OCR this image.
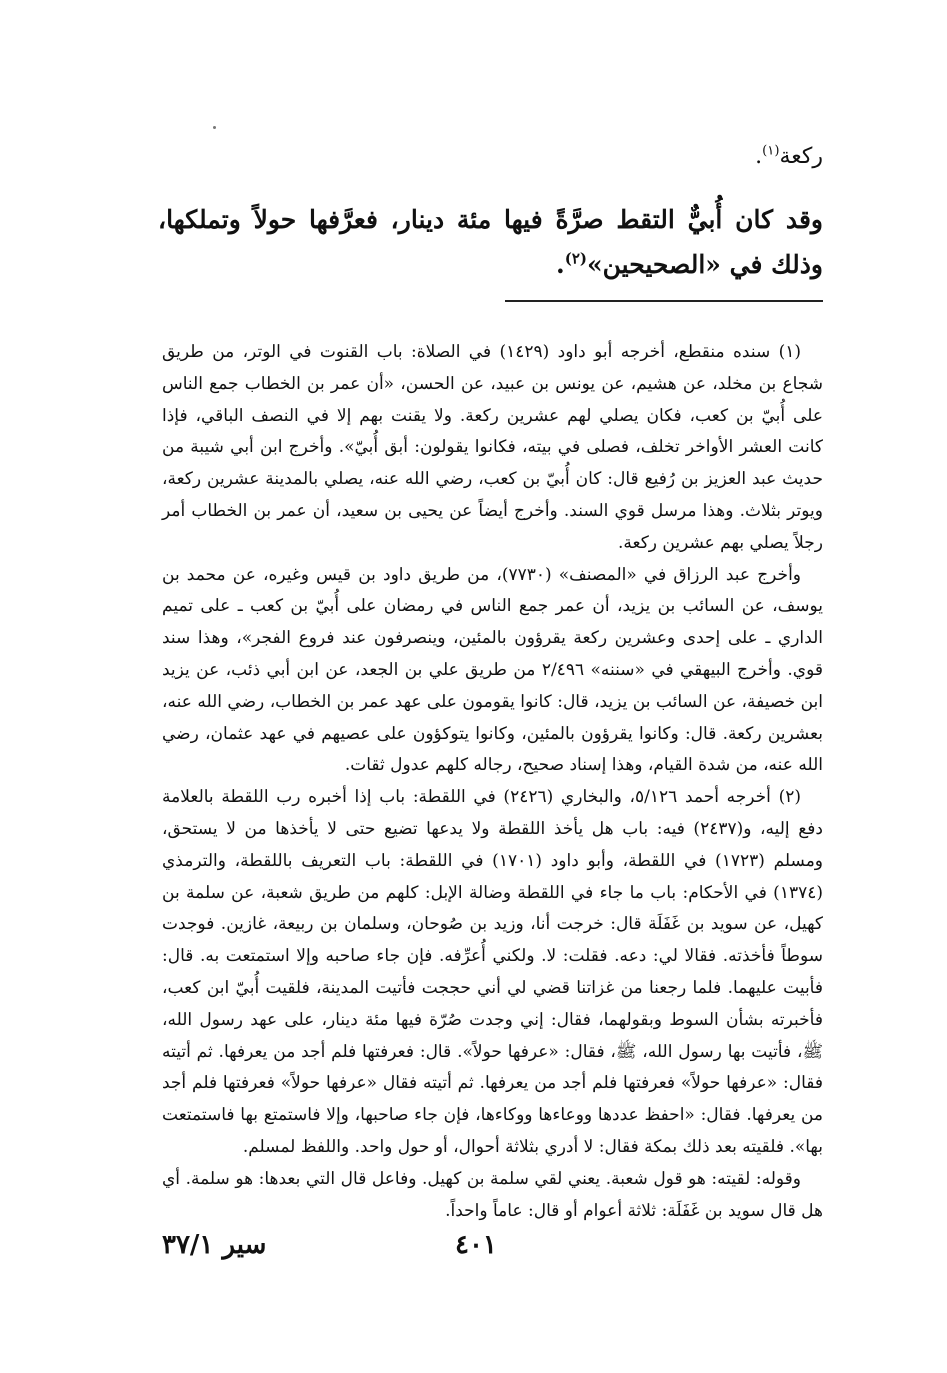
ركعة$^{(١)}$.

وقد كان أُبيٌّ التقط صرَّةً فيها مئة دينار، فعرَّفها حولاً وتملكها، وذلك في «الصحيحين»$^{(٢)}$.

(١) سنده منقطع، أخرجه أبو داود (١٤٢٩) في الصلاة: باب القنوت في الوتر، من طريق شجاع بن مخلد، عن هشيم، عن يونس بن عبيد، عن الحسن، «أن عمر بن الخطاب جمع الناس على أُبيّ بن كعب، فكان يصلي لهم عشرين ركعة. ولا يقنت بهم إلا في النصف الباقي، فإذا كانت العشر الأواخر تخلف، فصلى في بيته، فكانوا يقولون: أبق أُبيّ». وأخرج ابن أبي شيبة من حديث عبد العزيز بن رُفيع قال: كان أُبيّ بن كعب، رضي الله عنه، يصلي بالمدينة عشرين ركعة، ويوتر بثلاث. وهذا مرسل قوي السند. وأخرج أيضاً عن يحيى بن سعيد، أن عمر بن الخطاب أمر رجلاً يصلي بهم عشرين ركعة.

وأخرج عبد الرزاق في «المصنف» (٧٧٣٠)، من طريق داود بن قيس وغيره، عن محمد بن يوسف، عن السائب بن يزيد، أن عمر جمع الناس في رمضان على أُبيّ بن كعب ـ على تميم الداري ـ على إحدى وعشرين ركعة يقرؤون بالمئين، وينصرفون عند فروع الفجر»، وهذا سند قوي. وأخرج البيهقي في «سننه» ٢/٤٩٦ من طريق علي بن الجعد، عن ابن أبي ذئب، عن يزيد ابن خصيفة، عن السائب بن يزيد، قال: كانوا يقومون على عهد عمر بن الخطاب، رضي الله عنه، بعشرين ركعة. قال: وكانوا يقرؤون بالمئين، وكانوا يتوكؤون على عصيهم في عهد عثمان، رضي الله عنه، من شدة القيام، وهذا إسناد صحيح، رجاله كلهم عدول ثقات.

(٢) أخرجه أحمد ٥/١٢٦، والبخاري (٢٤٢٦) في اللقطة: باب إذا أخبره رب اللقطة بالعلامة دفع إليه، و(٢٤٣٧) فيه: باب هل يأخذ اللقطة ولا يدعها تضيع حتى لا يأخذها من لا يستحق، ومسلم (١٧٢٣) في اللقطة، وأبو داود (١٧٠١) في اللقطة: باب التعريف باللقطة، والترمذي (١٣٧٤) في الأحكام: باب ما جاء في اللقطة وضالة الإبل: كلهم من طريق شعبة، عن سلمة بن كهيل، عن سويد بن غَفَلَة قال: خرجت أنا، وزيد بن صُوحان، وسلمان بن ربيعة، غازين. فوجدت سوطاً فأخذته. فقالا لي: دعه. فقلت: لا. ولكني أُعرِّفه. فإن جاء صاحبه وإلا استمتعت به. قال: فأبيت عليهما. فلما رجعنا من غزاتنا قضي لي أني حججت فأتيت المدينة، فلقيت أُبيّ ابن كعب، فأخبرته بشأن السوط وبقولهما، فقال: إني وجدت صُرّة فيها مئة دينار، على عهد رسول الله، ﷺ، فأتيت بها رسول الله، ﷺ، فقال: «عرفها حولاً». قال: فعرفتها فلم أجد من يعرفها. ثم أتيته فقال: «عرفها حولاً» فعرفتها فلم أجد من يعرفها. ثم أتيته فقال «عرفها حولاً» فعرفتها فلم أجد من يعرفها. فقال: «احفظ عددها ووعاءها ووكاءها، فإن جاء صاحبها، وإلا فاستمتع بها فاستمتعت بها». فلقيته بعد ذلك بمكة فقال: لا أدري بثلاثة أحوال، أو حول واحد. واللفظ لمسلم.

وقوله: لقيته: هو قول شعبة. يعني لقي سلمة بن كهيل. وفاعل قال التي بعدها: هو سلمة. أي هل قال سويد بن غَفَلَة: ثلاثة أعوام أو قال: عاماً واحداً.

سير ٣٧/١	٤٠١
